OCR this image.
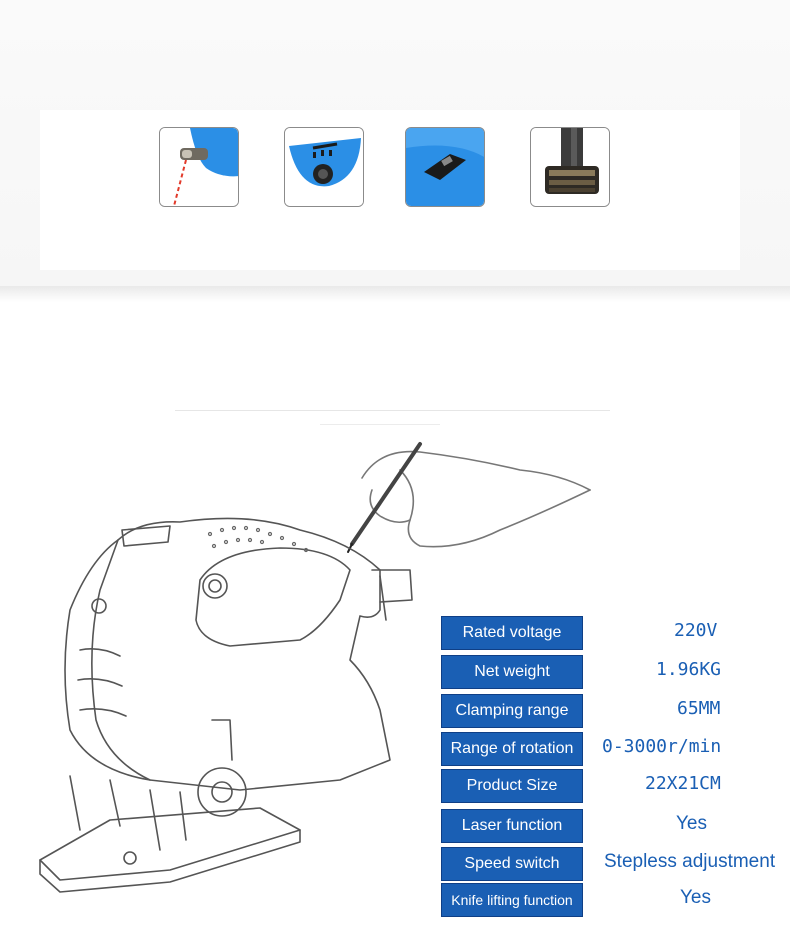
Rated voltage	220V
Net weight	1.96KG
Clamping range	65MM
Range of rotation	0-3000r/min
Product Size	22X21CM
Laser function	Yes
Speed switch	Stepless adjustment
Knife lifting function	Yes
